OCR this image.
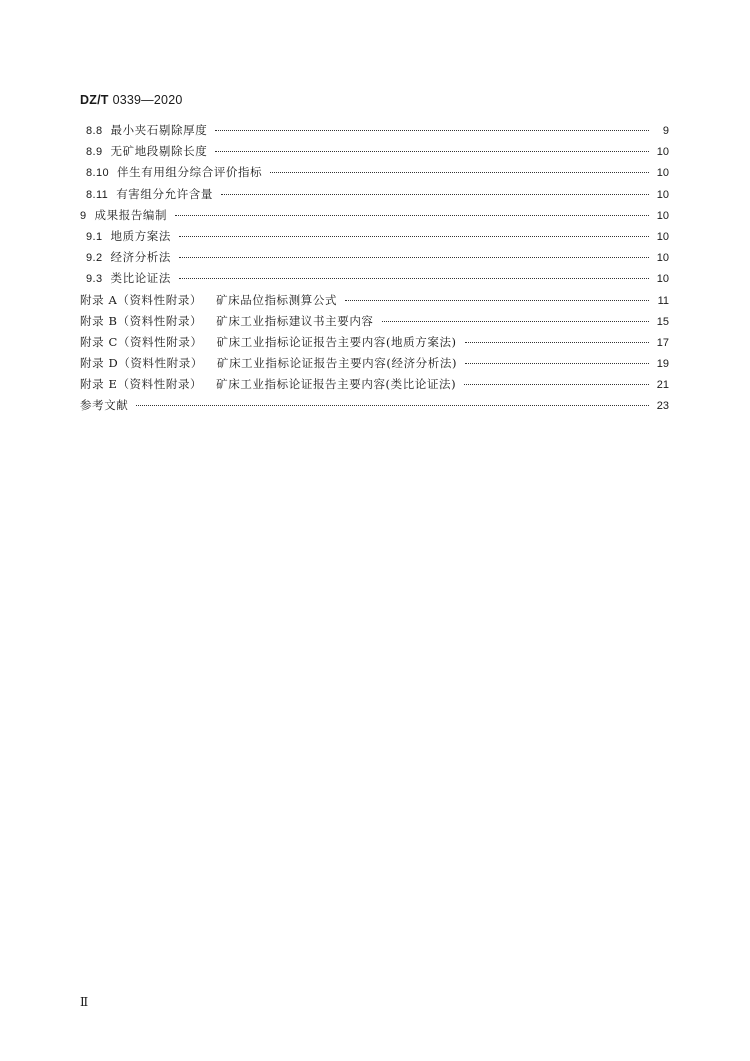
DZ/T 0339—2020
8.8 最小夹石剔除厚度	9
8.9 无矿地段剔除长度	10
8.10 伴生有用组分综合评价指标	10
8.11 有害组分允许含量	10
9 成果报告编制	10
9.1 地质方案法	10
9.2 经济分析法	10
9.3 类比论证法	10
附录 A（资料性附录） 矿床品位指标测算公式	11
附录 B（资料性附录） 矿床工业指标建议书主要内容	15
附录 C（资料性附录） 矿床工业指标论证报告主要内容(地质方案法)	17
附录 D（资料性附录） 矿床工业指标论证报告主要内容(经济分析法)	19
附录 E（资料性附录） 矿床工业指标论证报告主要内容(类比论证法)	21
参考文献	23
Ⅱ
